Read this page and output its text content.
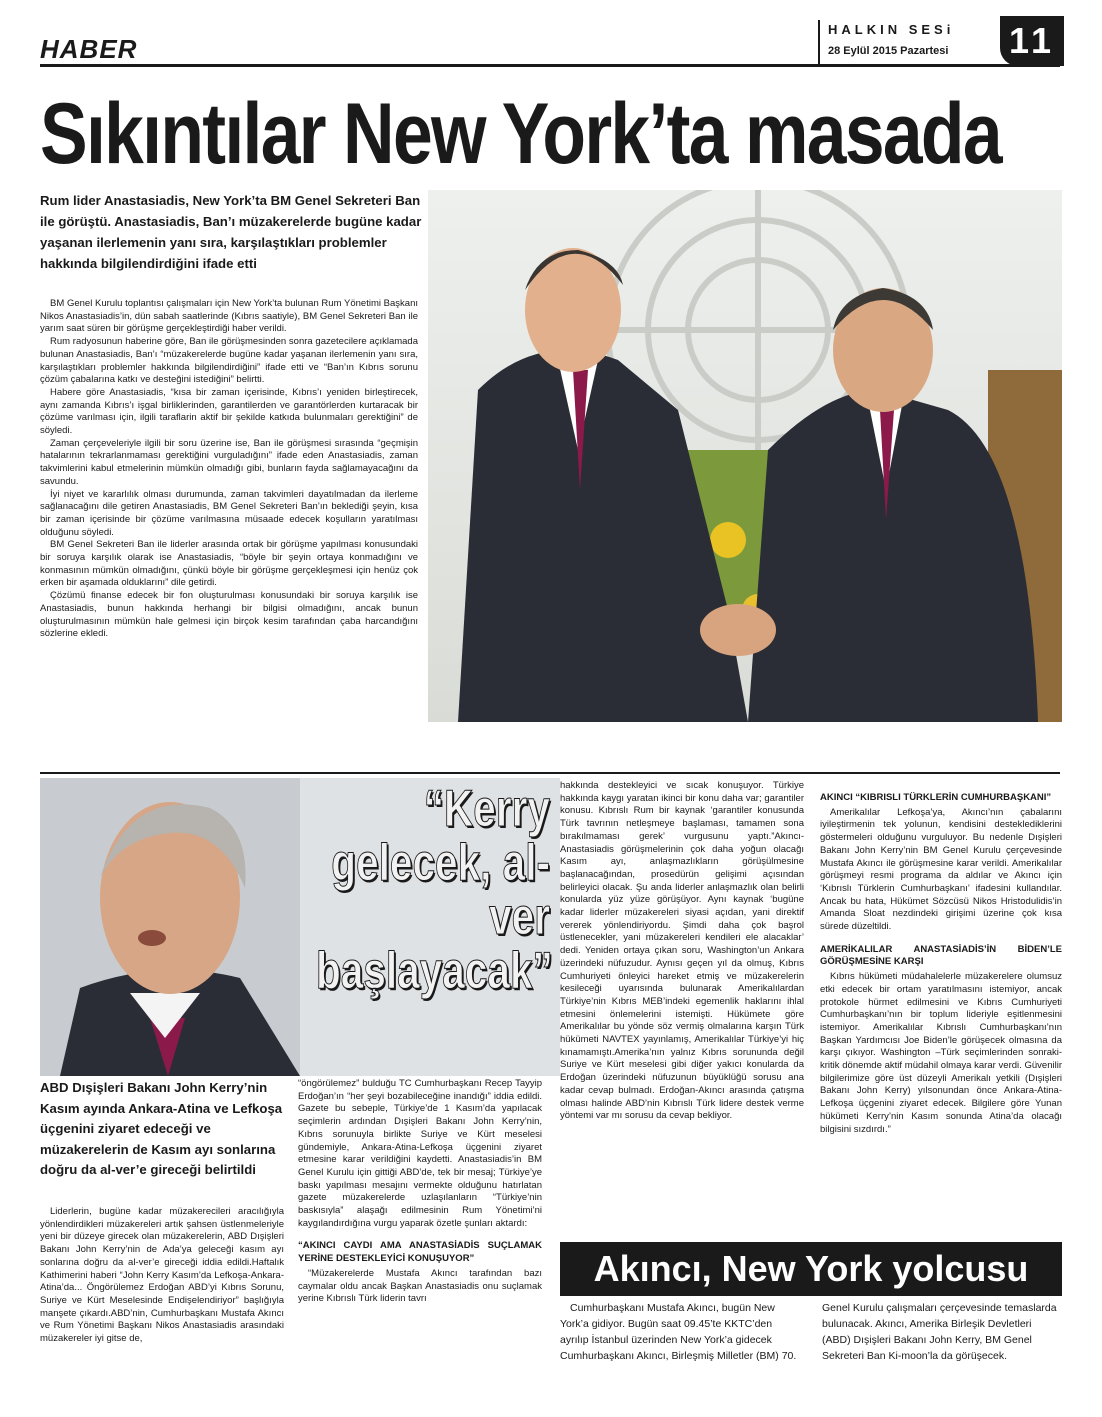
HABER
HALKIN SESi
28 Eylül 2015 Pazartesi	11
Sıkıntılar New York’ta masada
Rum lider Anastasiadis, New York’ta BM Genel Sekreteri Ban ile görüştü. Anastasiadis, Ban’ı müzakerelerde bugüne kadar yaşanan ilerlemenin yanı sıra, karşılaştıkları problemler hakkında bilgilendirdiğini ifade etti

BM Genel Kurulu toplantısı çalışmaları için New York’ta bulunan Rum Yönetimi Başkanı Nikos Anastasiadis’in, dün sabah saatlerinde (Kıbrıs saatiyle), BM Genel Sekreteri Ban ile yarım saat süren bir görüşme gerçekleştirdiği haber verildi.

Rum radyosunun haberine göre, Ban ile görüşmesinden sonra gazetecilere açıklamada bulunan Anastasiadis, Ban’ı “müzakerelerde bugüne kadar yaşanan ilerlemenin yanı sıra, karşılaştıkları problemler hakkında bilgilendirdiğini” ifade etti ve “Ban’ın Kıbrıs sorunu çözüm çabalarına katkı ve desteğini istediğini” belirtti.

Habere göre Anastasiadis, “kısa bir zaman içerisinde, Kıbrıs’ı yeniden birleştirecek, aynı zamanda Kıbrıs’ı işgal birliklerinden, garantilerden ve garantörlerden kurtaracak bir çözüme varılması için, ilgili taraflarin aktif bir şekilde katkıda bulunmaları gerektiğini” de söyledi.

Zaman çerçeveleriyle ilgili bir soru üzerine ise, Ban ile görüşmesi sırasında “geçmişin hatalarının tekrarlanmaması gerektiğini vurguladığını” ifade eden Anastasiadis, zaman takvimlerini kabul etmelerinin mümkün olmadığı gibi, bunların fayda sağlamayacağını da savundu.

İyi niyet ve kararlılık olması durumunda, zaman takvimleri dayatılmadan da ilerleme sağlanacağını dile getiren Anastasiadis, BM Genel Sekreteri Ban’ın beklediği şeyin, kısa bir zaman içerisinde bir çözüme varılmasına müsaade edecek koşulların yaratılması olduğunu söyledi.

BM Genel Sekreteri Ban ile liderler arasında ortak bir görüşme yapılması konusundaki bir soruya karşılık olarak ise Anastasiadis, “böyle bir şeyin ortaya konmadığını ve konmasının mümkün olmadığını, çünkü böyle bir görüşme gerçekleşmesi için henüz çok erken bir aşamada olduklarını” dile getirdi.

Çözümü finanse edecek bir fon oluşturulması konusundaki bir soruya karşılık ise Anastasiadis, bunun hakkında herhangi bir bilgisi olmadığını, ancak bunun oluşturulmasının mümkün hale gelmesi için birçok kesim tarafından çaba harcandığını sözlerine ekledi.

“Kerry gelecek, al-ver başlayacak”
ABD Dışişleri Bakanı John Kerry’nin Kasım ayında Ankara-Atina ve Lefkoşa üçgenini ziyaret edeceği ve müzakerelerin de Kasım ayı sonlarına doğru da al-ver’e gireceği belirtildi

Liderlerin, bugüne kadar müzakerecileri aracılığıyla yönlendirdikleri müzakereleri artık şahsen üstlenmeleriyle yeni bir düzeye girecek olan müzakerelerin, ABD Dışişleri Bakanı John Kerry’nin de Ada’ya geleceği kasım ayı sonlarına doğru da al-ver’e gireceği iddia edildi.Haftalık Kathimerini haberi “John Kerry Kasım’da Lefkoşa-Ankara-Atina’da... Öngörülemez Erdoğan ABD’yi Kıbrıs Sorunu, Suriye ve Kürt Meselesinde Endişelendiriyor” başlığıyla manşete çıkardı.ABD’nin, Cumhurbaşkanı Mustafa Akıncı ve Rum Yönetimi Başkanı Nikos Anastasiadis arasındaki müzakereler iyi gitse de,

“öngörülemez” bulduğu TC Cumhurbaşkanı Recep Tayyip Erdoğan’ın “her şeyi bozabileceğine inandığı” iddia edildi. Gazete bu sebeple, Türkiye’de 1 Kasım’da yapılacak seçimlerin ardından Dışişleri Bakanı John Kerry’nin, Kıbrıs sorunuyla birlikte Suriye ve Kürt meselesi gündemiyle, Ankara-Atina-Lefkoşa üçgenini ziyaret etmesine karar verildiğini kaydetti. Anastasiadis’in BM Genel Kurulu için gittiği ABD’de, tek bir mesaj; Türkiye’ye baskı yapılması mesajını vermekte olduğunu hatırlatan gazete müzakerelerde uzlaşılanların “Türkiye’nin baskısıyla” alaşağı edilmesinin Rum Yönetimi’ni kaygılandırdığına vurgu yaparak özetle şunları aktardı:

“AKINCI CAYDI AMA ANASTASİADİS SUÇLAMAK YERİNE DESTEKLEYİCİ KONUŞUYOR”

“Müzakerelerde Mustafa Akıncı tarafından bazı caymalar oldu ancak Başkan Anastasiadis onu suçlamak yerine Kıbrıslı Türk liderin tavrı

hakkında destekleyici ve sıcak konuşuyor. Türkiye hakkında kaygı yaratan ikinci bir konu daha var; garantiler konusu. Kıbrıslı Rum bir kaynak ‘garantiler konusunda Türk tavrının netleşmeye başlaması, tamamen sona bırakılmaması gerek’ vurgusunu yaptı.”Akıncı-Anastasiadis görüşmelerinin çok daha yoğun olacağı Kasım ayı, anlaşmazlıkların görüşülmesine başlanacağından, prosedürün gelişimi açısından belirleyici olacak. Şu anda liderler anlaşmazlık olan belirli konularda yüz yüze görüşüyor. Aynı kaynak ‘bugüne kadar liderler müzakereleri siyasi açıdan, yani direktif vererek yönlendiriyordu. Şimdi daha çok başrol üstlenecekler, yani müzakereleri kendileri ele alacaklar’ dedi. Yeniden ortaya çıkan soru, Washington’un Ankara üzerindeki nüfuzudur. Aynısı geçen yıl da olmuş, Kıbrıs Cumhuriyeti önleyici hareket etmiş ve müzakerelerin kesileceği uyarısında bulunarak Amerikalılardan Türkiye’nin Kıbrıs MEB’indeki egemenlik haklarını ihlal etmesini önlemelerini istemişti. Hükümete göre Amerikalılar bu yönde söz vermiş olmalarına karşın Türk hükümeti NAVTEX yayınlamış, Amerikalılar Türkiye’yi hiç kınamamıştı.Amerika’nın yalnız Kıbrıs sorununda değil Suriye ve Kürt meselesi gibi diğer yakıcı konularda da Erdoğan üzerindeki nüfuzunun büyüklüğü sorusu ana kadar cevap bulmadı. Erdoğan-Akıncı arasında çatışma olması halinde ABD’nin Kıbrıslı Türk lidere destek verme yöntemi var mı sorusu da cevap bekliyor.

AKINCI “KIBRISLI TÜRKLERİN CUMHURBAŞKANI”

Amerikalılar Lefkoşa’ya, Akıncı’nın çabalarını iyileştirmenin tek yolunun, kendisini desteklediklerini göstermeleri olduğunu vurguluyor. Bu nedenle Dışişleri Bakanı John Kerry’nin BM Genel Kurulu çerçevesinde Mustafa Akıncı ile görüşmesine karar verildi. Amerikalılar görüşmeyi resmi programa da aldılar ve Akıncı için ‘Kıbrıslı Türklerin Cumhurbaşkanı’ ifadesini kullandılar. Ancak bu hata, Hükümet Sözcüsü Nikos Hristodulidis’in Amanda Sloat nezdindeki girişimi üzerine çok kısa sürede düzeltildi.

AMERİKALILAR ANASTASİADİS’İN BİDEN’LE GÖRÜŞMESİNE KARŞI

Kıbrıs hükümeti müdahalelerle müzakerelere olumsuz etki edecek bir ortam yaratılmasını istemiyor, ancak protokole hürmet edilmesini ve Kıbrıs Cumhuriyeti Cumhurbaşkanı’nın bir toplum lideriyle eşitlenmesini istemiyor. Amerikalılar Kıbrıslı Cumhurbaşkanı’nın Başkan Yardımcısı Joe Biden’le görüşecek olmasına da karşı çıkıyor. Washington –Türk seçimlerinden sonraki- kritik dönemde aktif müdahil olmaya karar verdi. Güvenilir bilgilerimize göre üst düzeyli Amerikalı yetkili (Dışişleri Bakanı John Kerry) yılsonundan önce Ankara-Atina-Lefkoşa üçgenini ziyaret edecek. Bilgilere göre Yunan hükümeti Kerry’nin Kasım sonunda Atina’da olacağı bilgisini sızdırdı.”

Akıncı, New York yolcusu

Cumhurbaşkanı Mustafa Akıncı, bugün New York’a gidiyor. Bugün saat 09.45’te KKTC’den ayrılıp İstanbul üzerinden New York’a gidecek Cumhurbaşkanı Akıncı, Birleşmiş Milletler (BM) 70. Genel Kurulu çalışmaları çerçevesinde temaslarda bulunacak. Akıncı, Amerika Birleşik Devletleri (ABD) Dışişleri Bakanı John Kerry, BM Genel Sekreteri Ban Ki-moon’la da görüşecek.
